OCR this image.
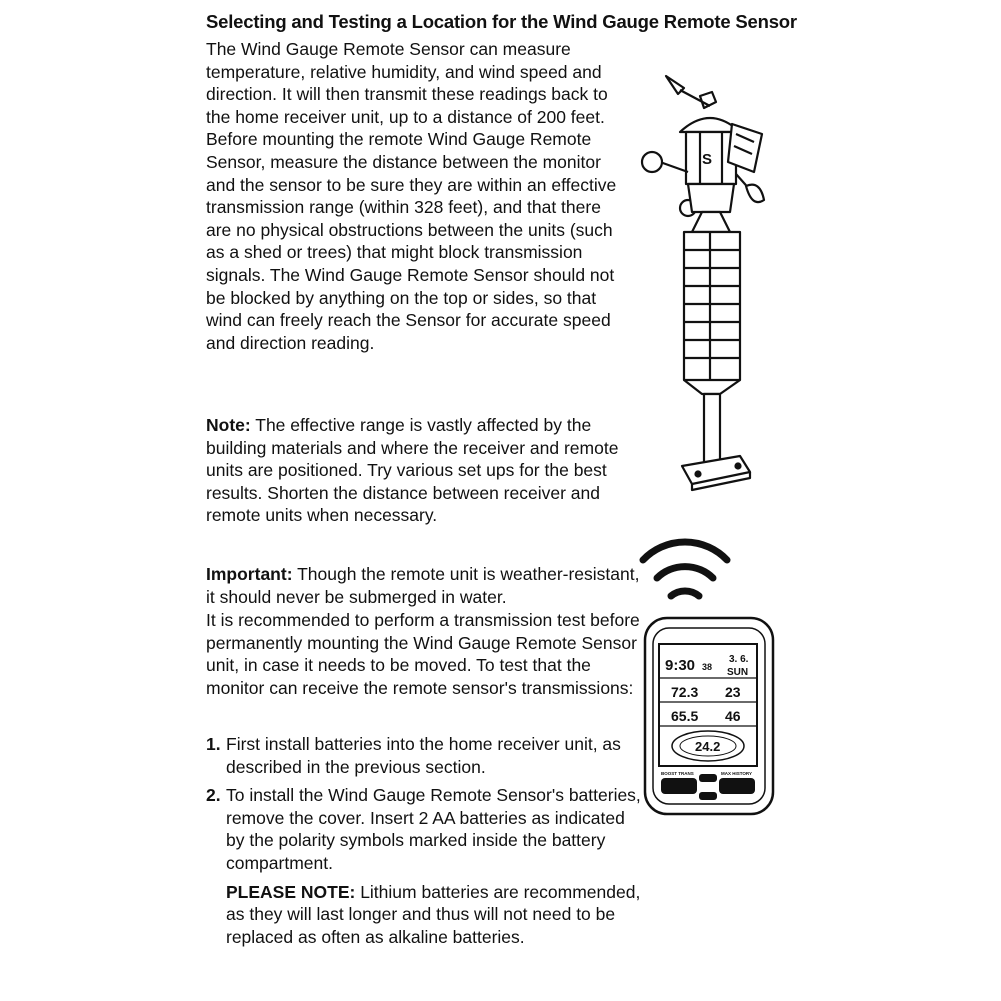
Selecting and Testing a Location for the Wind Gauge Remote Sensor
The Wind Gauge Remote Sensor can measure temperature, relative humidity, and wind speed and direction. It will then transmit these readings back to the home receiver unit, up to a distance of 200 feet. Before mounting the remote Wind Gauge Remote Sensor, measure the distance between the monitor and the sensor to be sure they are within an effective transmission range (within 328 feet), and that there are no physical obstructions between the units (such as a shed or trees) that might block transmission signals. The Wind Gauge Remote Sensor should not be blocked by anything on the top or sides, so that wind can freely reach the Sensor for accurate speed and direction reading.
Note: The effective range is vastly affected by the building materials and where the receiver and remote units are positioned. Try various set ups for the best results. Shorten the distance between receiver and remote units when necessary.
Important: Though the remote unit is weather-resistant, it should never be submerged in water.
It is recommended to perform a transmission test before permanently mounting the Wind Gauge Remote Sensor unit, in case it needs to be moved. To test that the monitor can receive the remote sensor's transmissions:
1. First install batteries into the home receiver unit, as described in the previous section.
2. To install the Wind Gauge Remote Sensor's batteries, remove the cover. Insert 2 AA batteries as indicated by the polarity symbols marked inside the battery compartment.
PLEASE NOTE: Lithium batteries are recommended, as they will last longer and thus will not need to be replaced as often as alkaline batteries.
S
9:30 38
3. 6.
SUN
72.3 23
65.5 46
24.2
BOOST TRANS	MAX HISTORY
